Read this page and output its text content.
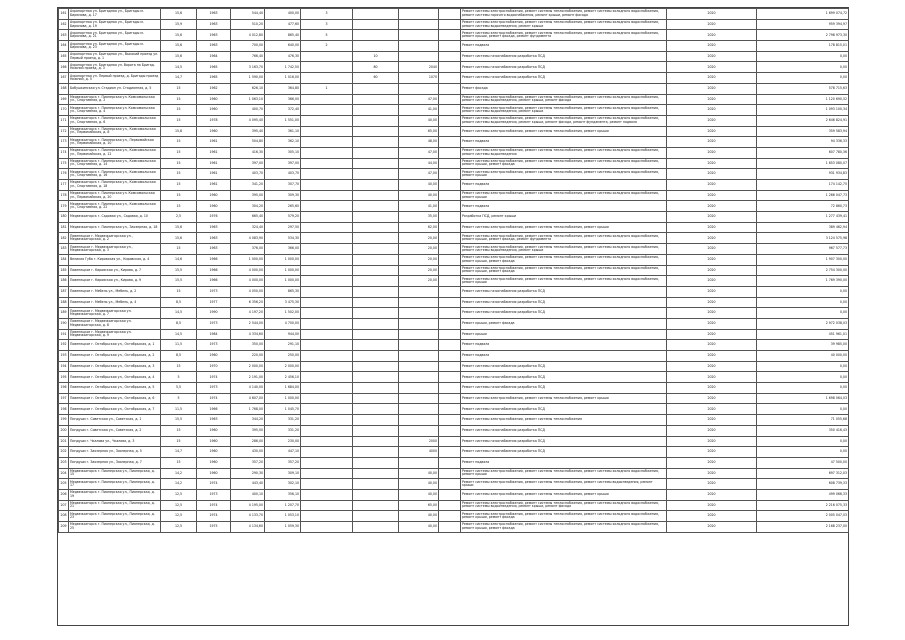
161	Аэропортная ул. Бригадная ул., Бригады м. Бирюзова, д. 17	15,6	1963	544,40	400,00	3				Ремонт системы электроснабжения, ремонт системы теплоснабжения, ремонт системы холодного водоснабжения, ремонт системы горячего водоснабжения, ремонт крыши, ремонт фасада	2020	1 699 074,72
162	Аэропортная ул. Бригадная ул., Бригады м. Бирюзова, д. 19	15,9	1963	510,20	477,60	3				Ремонт системы электроснабжения, ремонт системы теплоснабжения, ремонт системы холодного водоснабжения, ремонт системы водоотведения, ремонт крыши	2020	959 394,97
163	Аэропортная ул. Бригадная ул., Бригады м. Бирюзова, д. 21	15,6	1963	4 012,80	865,40	5				Ремонт системы электроснабжения, ремонт системы теплоснабжения, ремонт системы холодного водоснабжения, ремонт крыши, ремонт фасада, ремонт фундамента	2020	2 798 973,30
164	Аэропортная ул. Бригадная ул., Бригады м. Бирюзова, д. 23	15,6	1963	700,00	640,00	2				Ремонт подвала	2020	178 815,01
165	Аэропортная ул. Бригадная ул., Высокий проезд ул. Первый проезд, д. 1	15,6	1964	766,40	476,30		10			Ремонт системы газоснабжения разработка ПСД	2020	0,00
166	Аэропортная ул. Бригадная ул. Ворота на Бригад. Нижний проезд, д. 3	14,5	1965	3 163,70	1 742,50		80	2040		Ремонт системы газоснабжения разработка ПСД	2020	0,00
167	Аэропортная ул. Первый проезд, д. Бригады проезд Нижний, д. 5	14,7	1965	1 590,00	1 016,00		60	1070		Ремонт системы газоснабжения разработка ПСД	2020	0,00
168	Бабушкинская ул. Стадион ул. Стадионная, д. 5	15	1962	626,10	364,80	1				Ремонт фасада	2020	578 715,63
169	Медвежьегорск г. Пионерская ул. Комсомольская ул., Спортивная, д. 2	15	1960	1 063,10	366,00			47,00		Ремонт системы электроснабжения, ремонт системы теплоснабжения, ремонт системы холодного водоснабжения, ремонт системы водоотведения, ремонт крыши, ремонт фасада	2020	1 120 690,52
170	Медвежьегорск г. Пионерская ул. Комсомольская ул., Спортивная, д. 4	15	1960	400,70	372,40			41,00		Ремонт системы электроснабжения, ремонт системы теплоснабжения, ремонт системы холодного водоснабжения, ремонт системы водоотведения, ремонт крыши	2020	1 093 100,34
171	Медвежьегорск г. Пионерская ул., Комсомольская ул., Спортивная, д. 6	15	1978	4 095,40	1 551,00			40,00		Ремонт системы электроснабжения, ремонт системы теплоснабжения, ремонт системы холодного водоснабжения, ремонт системы водоотведения, ремонт крыши, ремонт фасада, ремонт фундамента, ремонт подвала	2020	2 646 824,91
172	Медвежьегорск г. Пионерская ул., Комсомольская ул., Первомайская, д. 8	15,8	1960	395,40	361,10			65,00		Ремонт системы электроснабжения, ремонт системы теплоснабжения, ремонт крыши	2020	359 583,94
173	Медвежьегорск г. Пионерская ул., Первомайская ул., Первомайская, д. 10	15	1961	504,80	362,10			48,00		Ремонт подвала	2020	94 336,33
174	Медвежьегорск г. Пионерская ул., Комсомольская ул., Первомайская, д. 12	15	1961	416,30	305,10			47,00		Ремонт системы электроснабжения, ремонт системы теплоснабжения, ремонт системы холодного водоснабжения, ремонт системы водоотведения	2020	607 780,36
175	Медвежьегорск г. Пионерская ул., Комсомольская ул., Спортивная, д. 14	15	1961	397,00	397,00			44,00		Ремонт системы электроснабжения, ремонт системы теплоснабжения, ремонт системы холодного водоснабжения, ремонт крыши, ремонт фасада	2020	1 653 080,07
176	Медвежьегорск г. Пионерская ул., Комсомольская ул., Спортивная, д. 16	15	1961	403,70	403,70			47,00		Ремонт системы электроснабжения, ремонт системы теплоснабжения, ремонт системы холодного водоснабжения, ремонт крыши	2020	931 934,83
177	Медвежьегорск г. Пионерская ул., Комсомольская ул., Спортивная, д. 18	15	1961	341,20	307,70			40,00		Ремонт подвала	2020	174 142,75
178	Медвежьегорск г. Пионерская ул. Комсомольская ул., Первомайская, д. 20	15	1960	395,00	309,30			40,00		Ремонт системы электроснабжения, ремонт системы теплоснабжения, ремонт системы холодного водоснабжения, ремонт крыши	2020	1 266 047,73
179	Медвежьегорск г. Пионерская ул., Комсомольская ул., Спортивная, д. 22	15	1960	304,20	265,60			41,00		Ремонт подвала	2020	72 860,73
180	Медвежьегорск г. Садовая ул., Садовая, д. 10	2,5	1976	665,40	579,20			35,00		Разработка ПСД, ремонт крыши	2020	1 277 439,41
181	Медвежьегорск г. Пионерская ул., Заозерная, д. 18	15,6	1963	324,40	297,50			62,00		Ремонт системы электроснабжения, ремонт системы теплоснабжения, ремонт крыши	2020	389 462,94
182	Повенецкое г. Медвежьегорская ул., Медвежьегорская, д. 2	15,6	1963	4 083,90	534,30			20,00		Ремонт системы электроснабжения, ремонт системы теплоснабжения, ремонт системы холодного водоснабжения, ремонт крыши, ремонт фасада, ремонт фундамента	2020	3 124 575,98
183	Повенецкое г. Медвежьегорская ул., Медвежьегорская, д. 3	15	1963	376,00	366,00			20,00		Ремонт системы электроснабжения, ремонт системы теплоснабжения, ремонт системы холодного водоснабжения, ремонт системы водоотведения, ремонт крыши	2020	967 577,73
184	Великая Губа г. Кировская ул., Кировская, д. 4	14,6	1966	1 000,00	1 000,00			20,00		Ремонт системы электроснабжения, ремонт системы теплоснабжения, ремонт системы холодного водоснабжения, ремонт крыши, ремонт фасада	2020	1 907 300,00
185	Повенецкое г. Кировская ул., Кирова, д. 7	15,5	1966	4 000,00	1 000,00			20,00		Ремонт системы электроснабжения, ремонт системы теплоснабжения, ремонт системы холодного водоснабжения, ремонт крыши, ремонт фасада	2020	2 754 300,00
186	Повенецкое г. Кировская ул., Кирова, д. 9	15,5	1966	4 000,00	1 000,00			20,00		Ремонт системы электроснабжения, ремонт системы теплоснабжения, ремонт системы холодного водоснабжения, ремонт крыши	2020	1 769 390,00
187	Повенецкое г. Мебель ул., Мебель, д. 2	15	1973	4 050,00	865,30					Ремонт системы газоснабжения разработка ПСД	2020	0,00
188	Повенецкое г. Мебель ул., Мебель, д. 4	8,5	1977	6 356,20	3 475,30					Ремонт системы газоснабжения разработка ПСД	2020	0,00
189	Повенецкое г. Медвежьегорская ул. Медвежьегорская, д. 7	14,5	1990	4 197,20	1 502,00					Ремонт системы газоснабжения разработка ПСД	2020	0,00
190	Повенецкое г. Медвежьегорская ул. Медвежьегорская, д. 8	8,5	1973	2 544,00	4 700,00					Ремонт крыши, ремонт фасада	2020	2 972 038,03
191	Повенецкое г. Медвежьегорская ул. Медвежьегорская, д. 9	14,5	1984	4 334,60	944,00					Ремонт крыши	2020	451 961,01
192	Повенецкое г. Октябрьская ул., Октябрьская, д. 1	11,5	1973	350,00	291,10					Ремонт подвала	2020	39 985,00
193	Повенецкое г. Октябрьская ул., Октябрьская, д. 2	8,5	1960	220,00	250,00					Ремонт подвала	2020	40 000,00
194	Повенецкое г. Октябрьская ул., Октябрьская, д. 3	15	1970	2 000,00	2 000,00					Ремонт системы газоснабжения разработка ПСД	2020	0,00
195	Повенецкое г. Октябрьская ул., Октябрьская, д. 4	5	1974	2 191,00	2 456,10					Ремонт системы газоснабжения разработка ПСД	2020	0,00
196	Повенецкое г. Октябрьская ул., Октябрьская, д. 5	5,5	1973	4 140,00	1 684,00					Ремонт системы газоснабжения разработка ПСД	2020	0,00
197	Повенецкое г. Октябрьская ул., Октябрьская, д. 6	5	1974	4 607,00	1 000,00					Ремонт системы электроснабжения, ремонт системы теплоснабжения, ремонт крыши	2020	1 698 064,03
198	Повенецкое г. Октябрьская ул., Октябрьская, д. 7	11,5	1966	1 768,00	1 045,70					Ремонт системы газоснабжения разработка ПСД	2020	0,00
199	Пиндуши г. Советская ул., Советская, д. 1	15,5	1963	344,20	331,20					Ремонт системы электроснабжения, ремонт системы теплоснабжения	2020	71 055,68
200	Пиндуши г. Советская ул., Советская, д. 2	15	1960	395,00	331,20					Ремонт системы газоснабжения разработка ПСД	2020	350 416,43
201	Пиндуши г. Чкалова ул., Чкалова, д. 3	15	1960	286,00	230,00			2000		Ремонт системы газоснабжения разработка ПСД	2020	0,00
202	Пиндуши г. Заозерная ул., Заозерная, д. 5	14,7	1960	430,00	447,10			4000		Ремонт системы газоснабжения разработка ПСД	2020	0,00
203	Пиндуши г. Заозерная ул., Заозерная, д. 7	15	1960	357,20	357,20					Ремонт подвала	2020	47 500,00
204	Медвежьегорск г. Пионерская ул., Пионерская, д. 15	14,2	1960	290,30	309,10			40,00		Ремонт системы электроснабжения, ремонт системы теплоснабжения, ремонт системы холодного водоснабжения, ремонт крыши	2020	697 312,03
205	Медвежьегорск г. Пионерская ул., Пионерская, д. 17	14,2	1974	443,40	302,10			40,00		Ремонт системы электроснабжения, ремонт системы теплоснабжения, ремонт системы водоотведения, ремонт крыши	2020	608 739,33
206	Медвежьегорск г. Пионерская ул., Пионерская, д. 19	12,5	1973	400,10	356,10			40,00		Ремонт системы электроснабжения, ремонт системы теплоснабжения, ремонт крыши	2020	499 066,33
207	Медвежьегорск г. Пионерская ул., Пионерская, д. 21	12,5	1974	4 195,00	1 207,70			65,00		Ремонт системы электроснабжения, ремонт системы теплоснабжения, ремонт системы холодного водоснабжения, ремонт системы водоотведения, ремонт крыши, ремонт фасада	2020	2 216 075,33
208	Медвежьегорск г. Пионерская ул., Пионерская, д. 23	12,5	1974	4 133,70	1 053,10			40,00		Ремонт системы электроснабжения, ремонт системы теплоснабжения, ремонт системы холодного водоснабжения, ремонт крыши, ремонт фасада	2020	2 005 047,03
209	Медвежьегорск г. Пионерская ул., Пионерская, д. 25	12,5	1975	4 134,60	1 059,30			40,00		Ремонт системы электроснабжения, ремонт системы теплоснабжения, ремонт системы холодного водоснабжения, ремонт крыши, ремонт фасада	2020	2 168 237,00
